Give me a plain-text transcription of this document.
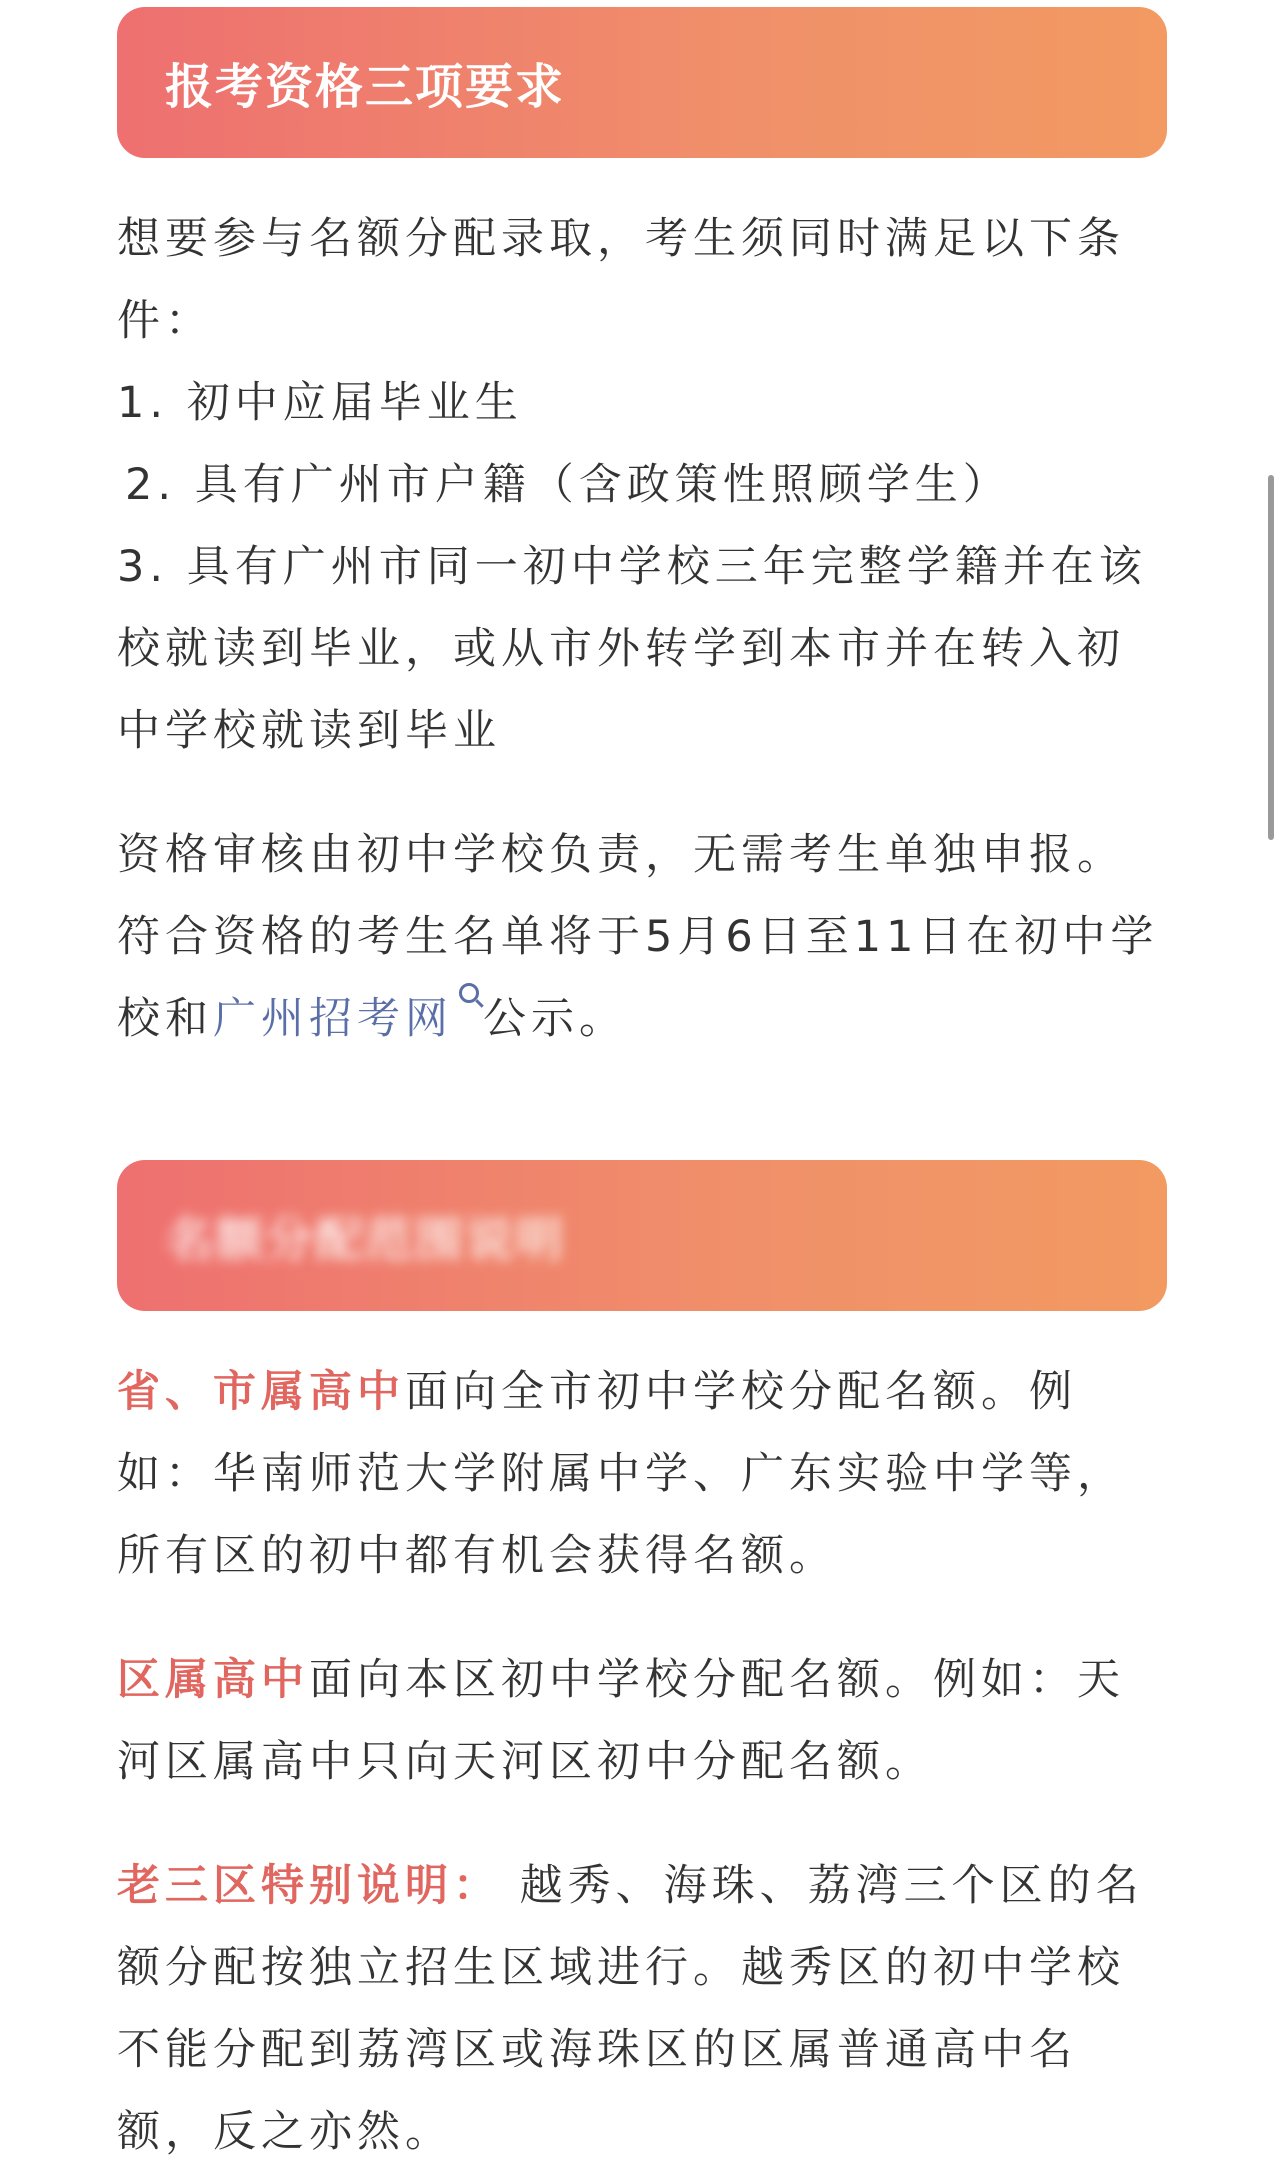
报考资格三项要求

想要参与名额分配录取，考生须同时满足以下条件：

1. 初中应届毕业生

2. 具有广州市户籍（含政策性照顾学生）

3. 具有广州市同一初中学校三年完整学籍并在该校就读到毕业，或从市外转学到本市并在转入初中学校就读到毕业

资格审核由初中学校负责，无需考生单独申报。符合资格的考生名单将于5月6日至11日在初中学校和广州招考网 公示。

名额分配范围说明

省、市属高中面向全市初中学校分配名额。例如：华南师范大学附属中学、广东实验中学等，所有区的初中都有机会获得名额。

区属高中面向本区初中学校分配名额。例如：天河区属高中只向天河区初中分配名额。

老三区特别说明： 越秀、海珠、荔湾三个区的名额分配按独立招生区域进行。越秀区的初中学校不能分配到荔湾区或海珠区的区属普通高中名额，反之亦然。
